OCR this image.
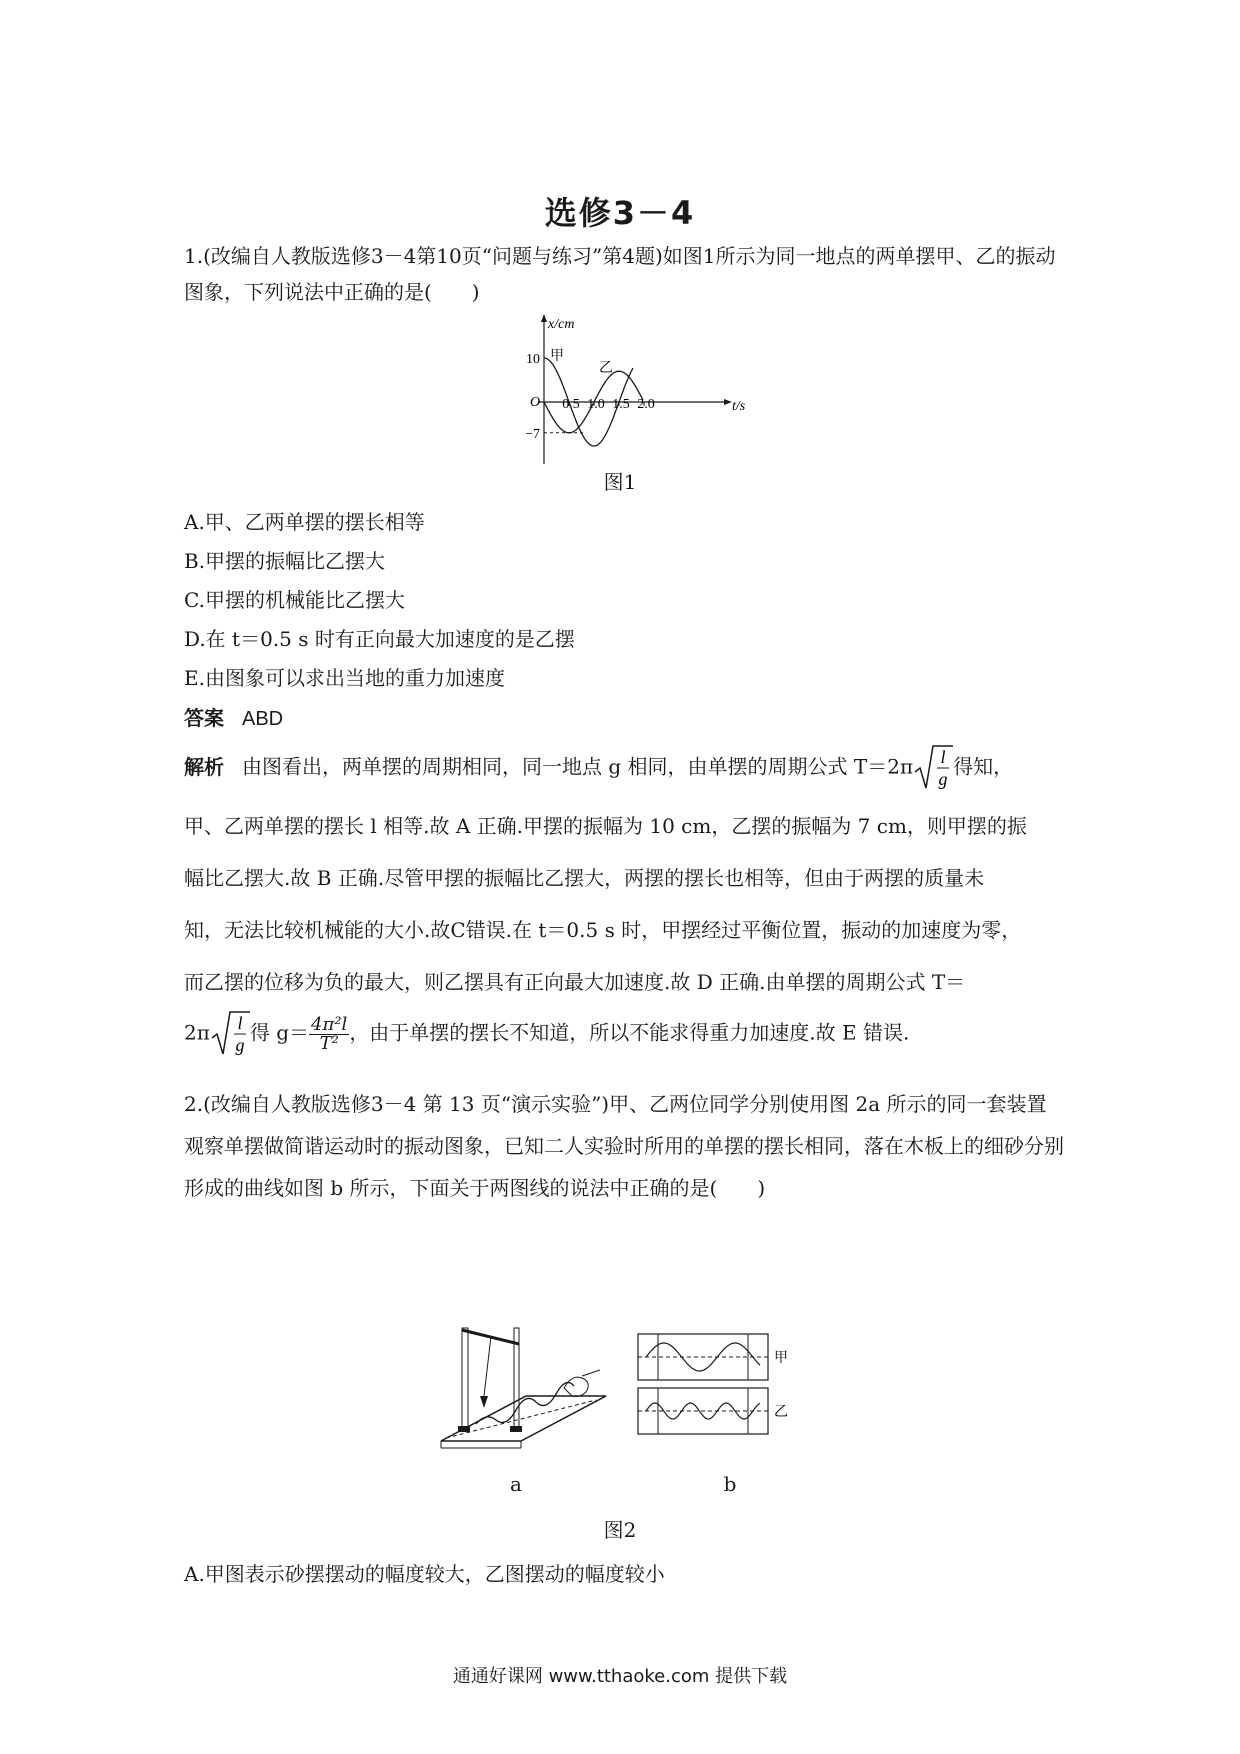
选修3－4

1.(改编自人教版选修3－4第10页“问题与练习”第4题)如图1所示为同一地点的两单摆甲、乙的振动图象，下列说法中正确的是(　　)

x/cm
t/s
O
10
−7
0.5 1.0 1.5 2.0
甲
乙
图1

A.甲、乙两单摆的摆长相等

B.甲摆的振幅比乙摆大

C.甲摆的机械能比乙摆大

D.在 t＝0.5 s 时有正向最大加速度的是乙摆

E.由图象可以求出当地的重力加速度

答案 ABD

解析 由图看出，两单摆的周期相同，同一地点 g 相同，由单摆的周期公式 T＝2π l
g
得知，

甲、乙两单摆的摆长 l 相等.故 A 正确.甲摆的振幅为 10 cm，乙摆的振幅为 7 cm，则甲摆的振

幅比乙摆大.故 B 正确.尽管甲摆的振幅比乙摆大，两摆的摆长也相等，但由于两摆的质量未

知，无法比较机械能的大小.故C错误.在 t＝0.5 s 时，甲摆经过平衡位置，振动的加速度为零，

而乙摆的位移为负的最大，则乙摆具有正向最大加速度.故 D 正确.由单摆的周期公式 T＝

2π l
g
得 $g= \frac{\text{4π²l}}{\text{T²}}$ ，由于单摆的摆长不知道，所以不能求得重力加速度.故 E 错误.

2.(改编自人教版选修3－4 第 13 页“演示实验”)甲、乙两位同学分别使用图 2a 所示的同一套装置观察单摆做简谐运动时的振动图象，已知二人实验时所用的单摆的摆长相同，落在木板上的细砂分别形成的曲线如图 b 所示，下面关于两图线的说法中正确的是(　　)

甲
乙
a	b
图2

A.甲图表示砂摆摆动的幅度较大，乙图摆动的幅度较小

通通好课网 www.tthaoke.com 提供下载
